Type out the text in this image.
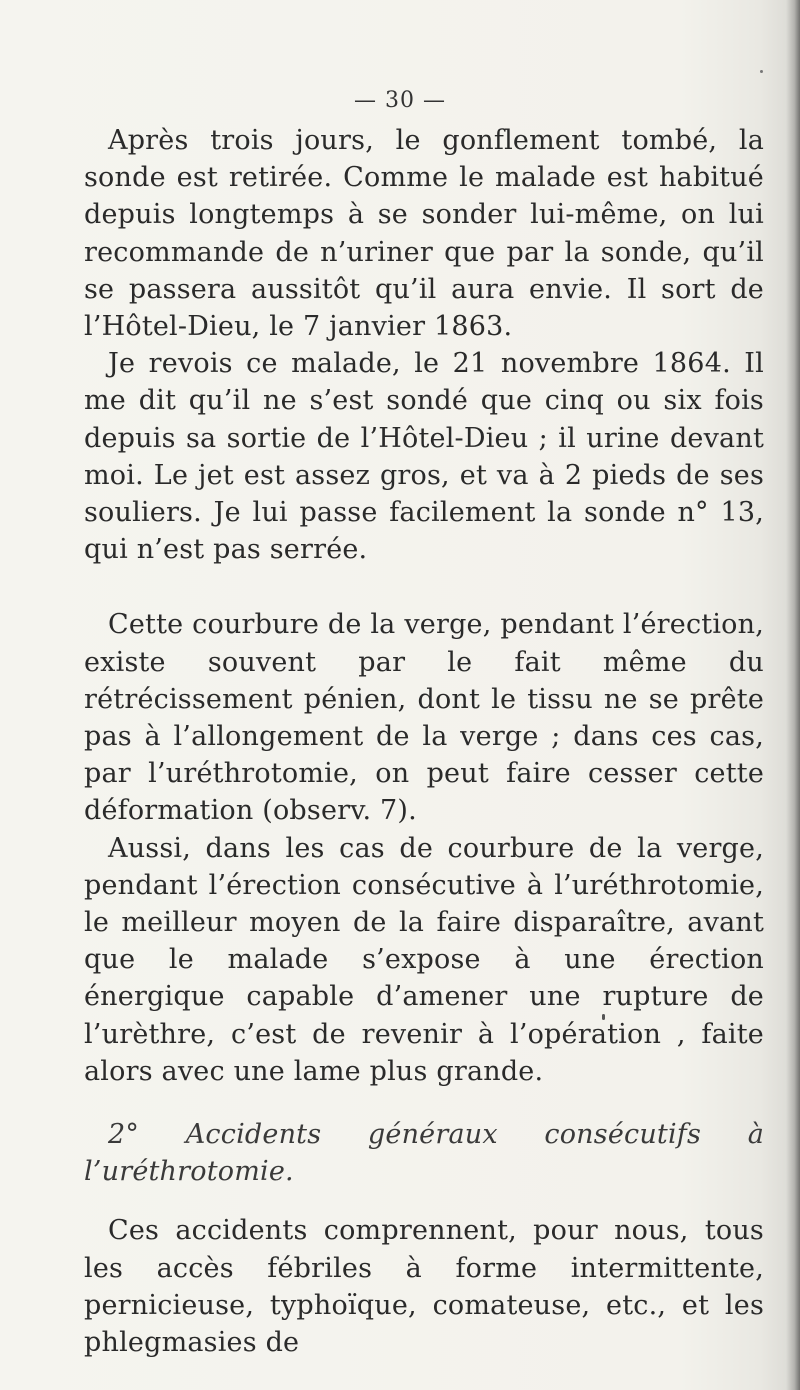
— 30 —

Après trois jours, le gonflement tombé, la sonde est retirée. Comme le malade est habitué depuis longtemps à se sonder lui-même, on lui recommande de n’uriner que par la sonde, qu’il se passera aussitôt qu’il aura envie. Il sort de l’Hôtel-Dieu, le 7 janvier 1863.

Je revois ce malade, le 21 novembre 1864. Il me dit qu’il ne s’est sondé que cinq ou six fois depuis sa sortie de l’Hôtel-Dieu ; il urine devant moi. Le jet est assez gros, et va à 2 pieds de ses souliers. Je lui passe facilement la sonde n° 13, qui n’est pas serrée.

Cette courbure de la verge, pendant l’érection, existe souvent par le fait même du rétrécissement pénien, dont le tissu ne se prête pas à l’allongement de la verge ; dans ces cas, par l’uréthrotomie, on peut faire cesser cette déformation (observ. 7).

Aussi, dans les cas de courbure de la verge, pendant l’érection consécutive à l’uréthrotomie, le meilleur moyen de la faire disparaître, avant que le malade s’expose à une érection énergique capable d’amener une rupture de l’urèthre, c’est de revenir à l’opération , faite alors avec une lame plus grande.

2° Accidents généraux consécutifs à l’uréthrotomie.

Ces accidents comprennent, pour nous, tous les accès fébriles à forme intermittente, pernicieuse, typhoïque, comateuse, etc., et les phlegmasies de
